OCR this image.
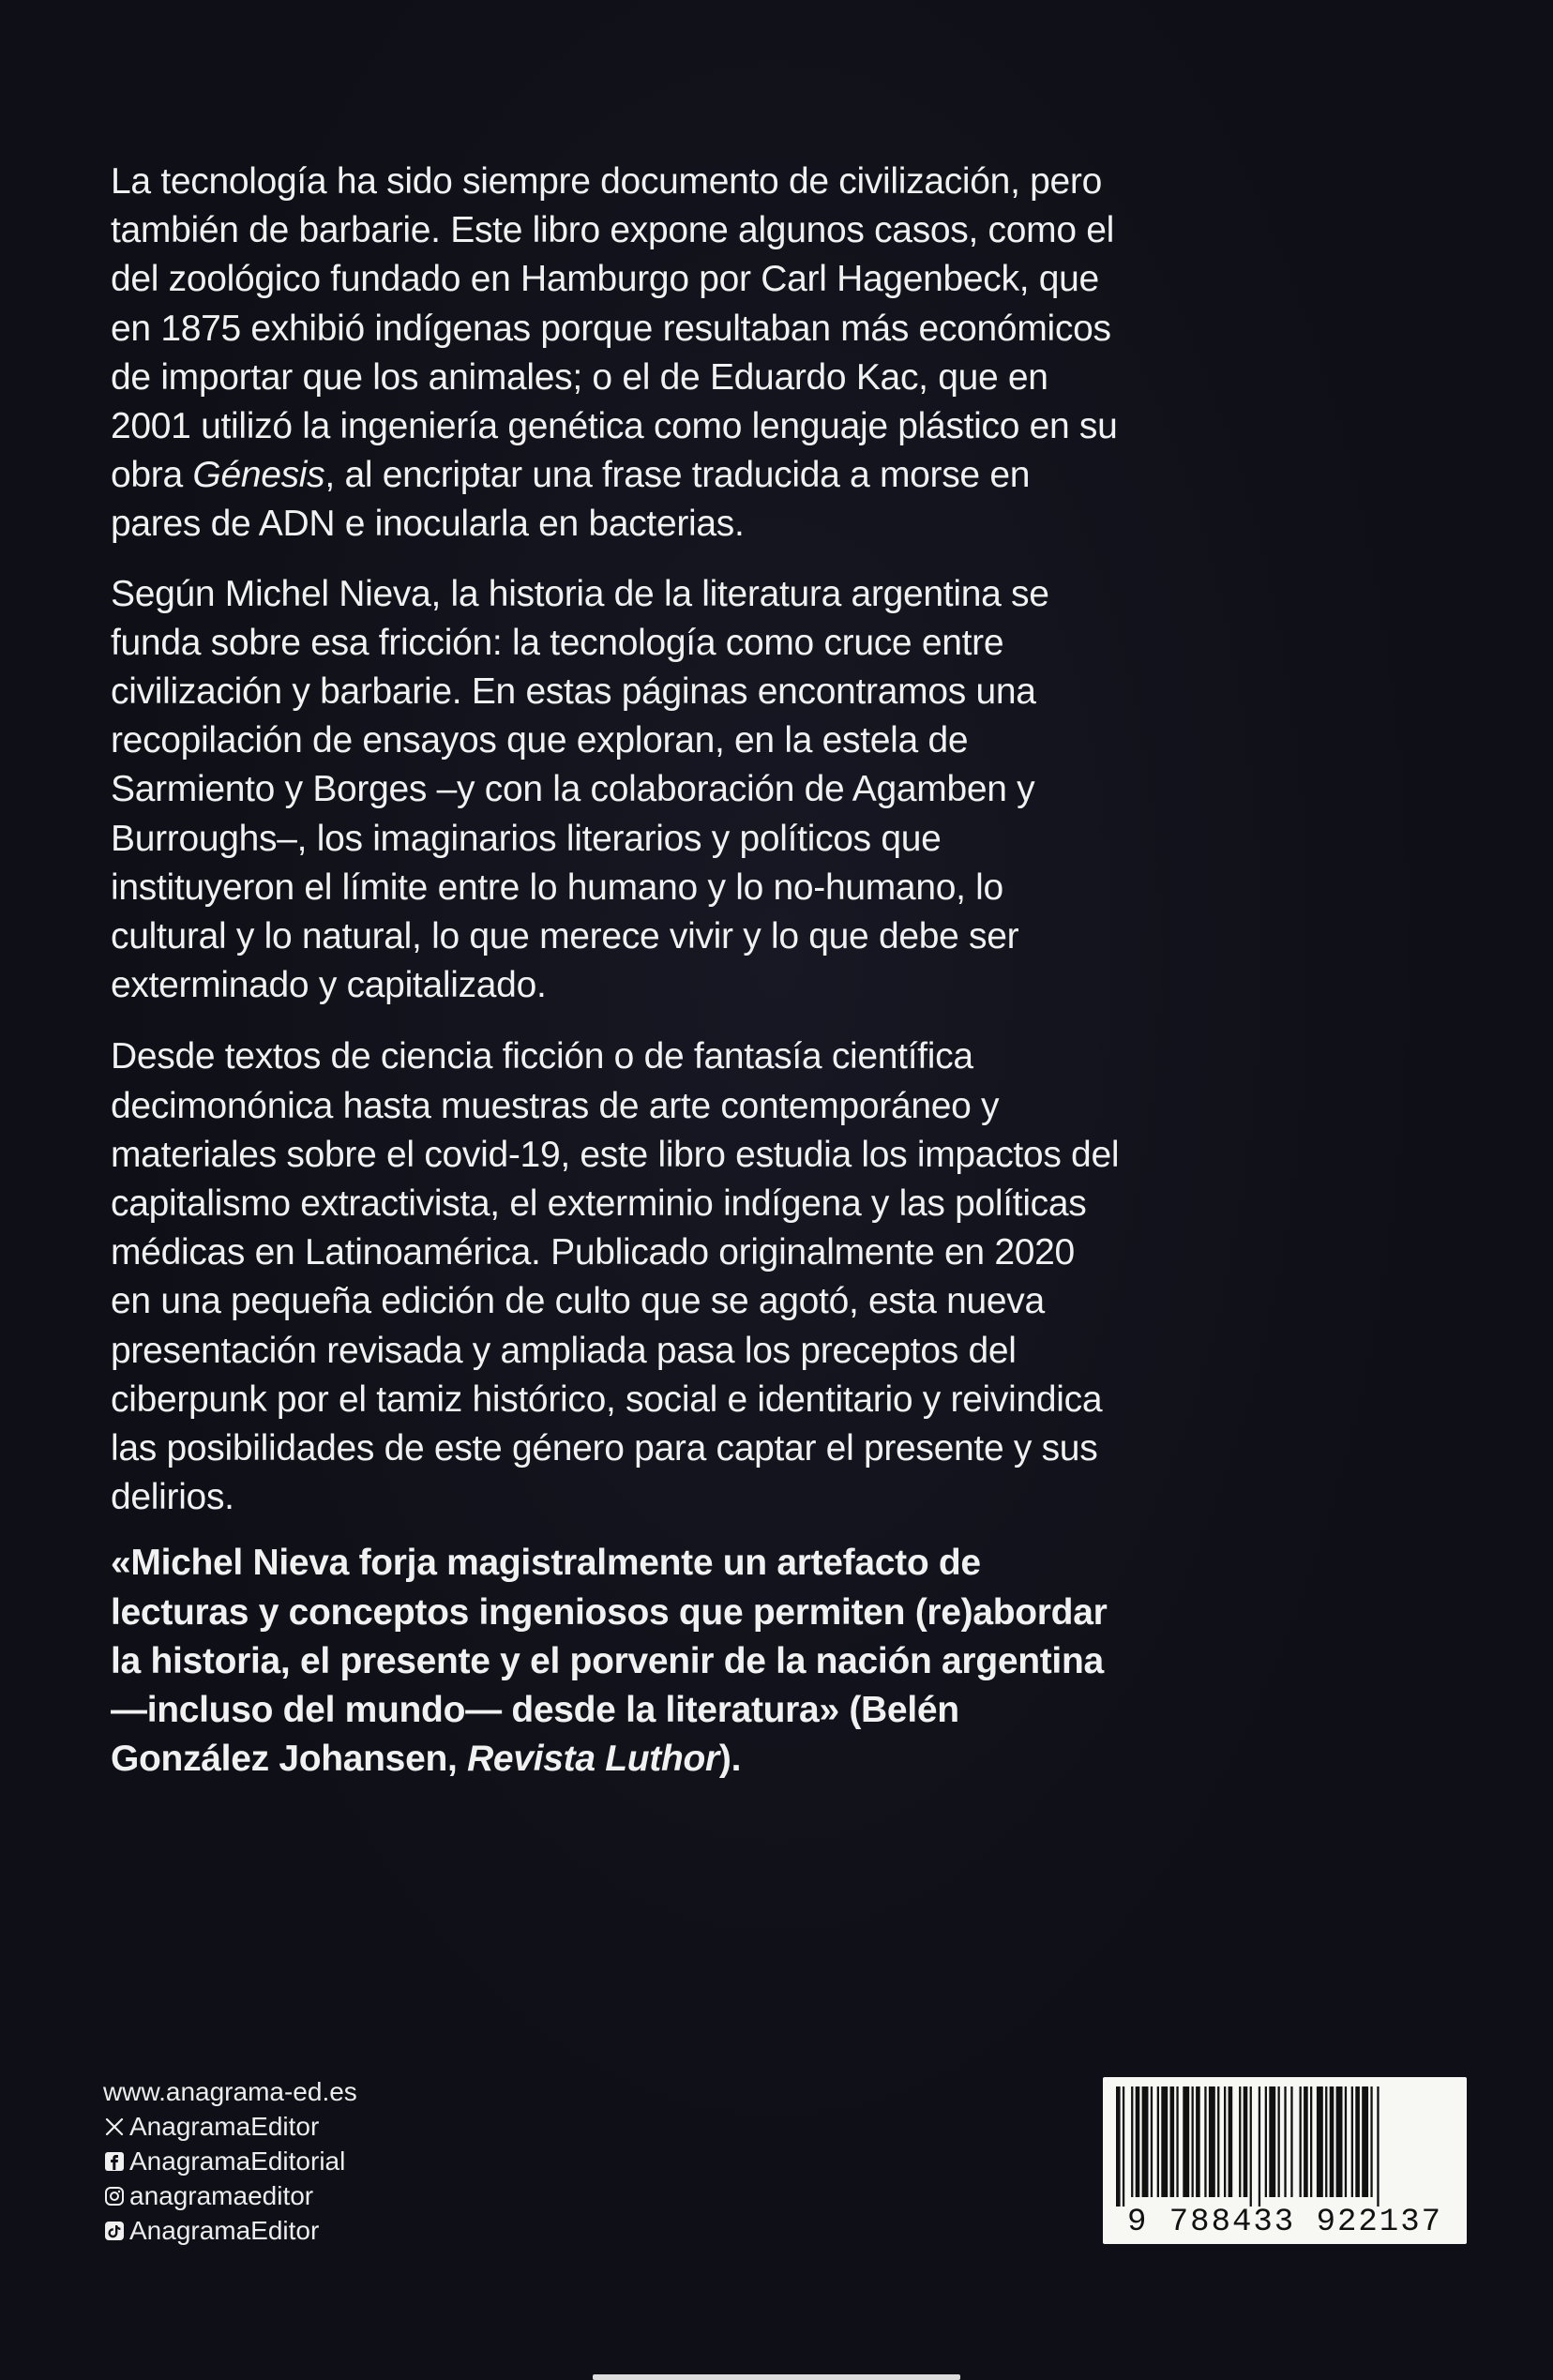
La tecnología ha sido siempre documento de civilización, pero también de barbarie. Este libro expone algunos casos, como el del zoológico fundado en Hamburgo por Carl Hagenbeck, que en 1875 exhibió indígenas porque resultaban más económicos de importar que los animales; o el de Eduardo Kac, que en 2001 utilizó la ingeniería genética como lenguaje plástico en su obra Génesis, al encriptar una frase traducida a morse en pares de ADN e inocularla en bacterias.

Según Michel Nieva, la historia de la literatura argentina se funda sobre esa fricción: la tecnología como cruce entre civilización y barbarie. En estas páginas encontramos una recopilación de ensayos que exploran, en la estela de Sarmiento y Borges –y con la colaboración de Agamben y Burroughs–, los imaginarios literarios y políticos que instituyeron el límite entre lo humano y lo no-humano, lo cultural y lo natural, lo que merece vivir y lo que debe ser exterminado y capitalizado.

Desde textos de ciencia ficción o de fantasía científica decimonónica hasta muestras de arte contemporáneo y materiales sobre el covid-19, este libro estudia los impactos del capitalismo extractivista, el exterminio indígena y las políticas médicas en Latinoamérica. Publicado originalmente en 2020 en una pequeña edición de culto que se agotó, esta nueva presentación revisada y ampliada pasa los preceptos del ciberpunk por el tamiz histórico, social e identitario y reivindica las posibilidades de este género para captar el presente y sus delirios.

«Michel Nieva forja magistralmente un artefacto de lecturas y conceptos ingeniosos que permiten (re)abordar la historia, el presente y el porvenir de la nación argentina —incluso del mundo— desde la literatura» (Belén González Johansen, Revista Luthor).

www.anagrama-ed.es
AnagramaEditor
AnagramaEditorial
anagramaeditor
AnagramaEditor	9 788433 922137
